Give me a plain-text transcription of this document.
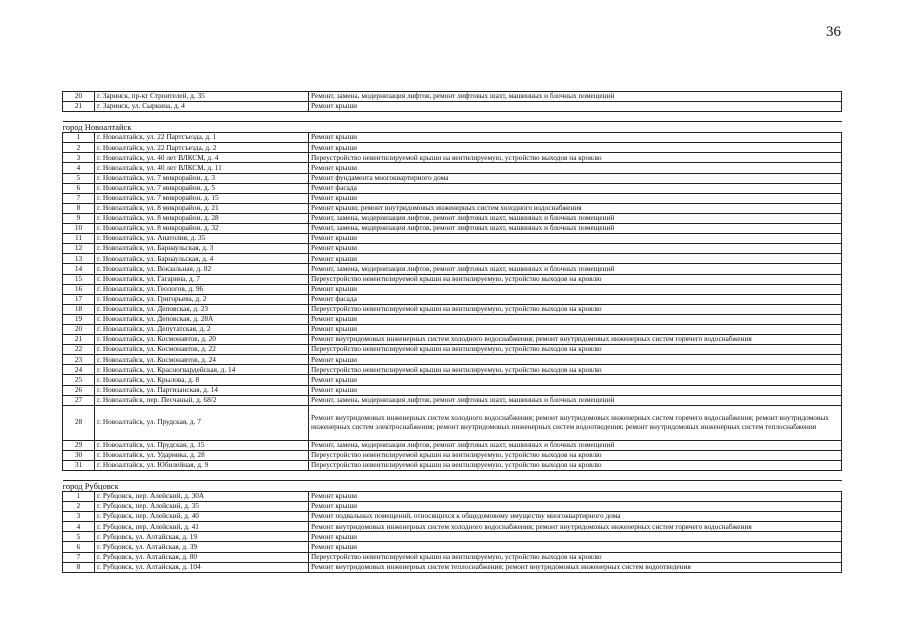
36
20	г. Заринск, пр-кт Строителей, д. 35	Ремонт, замена, модернизация лифтов, ремонт лифтовых шахт, машинных и блочных помещений
21	г. Заринск, ул. Сыркина, д. 4	Ремонт крыши

город Новоалтайск		
1	г. Новоалтайск, ул. 22 Партсъезда, д. 1	Ремонт крыши
2	г. Новоалтайск, ул. 22 Партсъезда, д. 2	Ремонт крыши
3	г. Новоалтайск, ул. 40 лет ВЛКСМ, д. 4	Переустройство невентилируемой крыши на вентилируемую, устройство выходов на кровлю
4	г. Новоалтайск, ул. 40 лет ВЛКСМ, д. 11	Ремонт крыши
5	г. Новоалтайск, ул. 7 микрорайон, д. 3	Ремонт фундамента многоквартирного дома
6	г. Новоалтайск, ул. 7 микрорайон, д. 5	Ремонт фасада
7	г. Новоалтайск, ул. 7 микрорайон, д. 15	Ремонт крыши
8	г. Новоалтайск, ул. 8 микрорайон, д. 21	Ремонт крыши; ремонт внутридомовых инженерных систем холодного водоснабжения
9	г. Новоалтайск, ул. 8 микрорайон, д. 28	Ремонт, замена, модернизация лифтов, ремонт лифтовых шахт, машинных и блочных помещений
10	г. Новоалтайск, ул. 8 микрорайон, д. 32	Ремонт, замена, модернизация лифтов, ремонт лифтовых шахт, машинных и блочных помещений
11	г. Новоалтайск, ул. Анатолия, д. 35	Ремонт крыши
12	г. Новоалтайск, ул. Барнаульская, д. 3	Ремонт крыши
13	г. Новоалтайск, ул. Барнаульская, д. 4	Ремонт крыши
14	г. Новоалтайск, ул. Вокзальная, д. 82	Ремонт, замена, модернизация лифтов, ремонт лифтовых шахт, машинных и блочных помещений
15	г. Новоалтайск, ул. Гагарина, д. 7	Переустройство невентилируемой крыши на вентилируемую, устройство выходов на кровлю
16	г. Новоалтайск, ул. Геологов, д. 96	Ремонт крыши
17	г. Новоалтайск, ул. Григорьева, д. 2	Ремонт фасада
18	г. Новоалтайск, ул. Деповская, д. 23	Переустройство невентилируемой крыши на вентилируемую, устройство выходов на кровлю
19	г. Новоалтайск, ул. Деповская, д. 28А	Ремонт крыши
20	г. Новоалтайск, ул. Депутатская, д. 2	Ремонт крыши
21	г. Новоалтайск, ул. Космонавтов, д. 20	Ремонт внутридомовых инженерных систем холодного водоснабжения; ремонт внутридомовых инженерных систем горячего водоснабжения
22	г. Новоалтайск, ул. Космонавтов, д. 22	Переустройство невентилируемой крыши на вентилируемую, устройство выходов на кровлю
23	г. Новоалтайск, ул. Космонавтов, д. 24	Ремонт крыши
24	г. Новоалтайск, ул. Красногвардейская, д. 14	Переустройство невентилируемой крыши на вентилируемую, устройство выходов на кровлю
25	г. Новоалтайск, ул. Крылова, д. 8	Ремонт крыши
26	г. Новоалтайск, ул. Партизанская, д. 14	Ремонт крыши
27	г. Новоалтайск, пер. Песчаный, д. 68/2	Ремонт, замена, модернизация лифтов, ремонт лифтовых шахт, машинных и блочных помещений
28	г. Новоалтайск, ул. Прудская, д. 7	Ремонт внутридомовых инженерных систем холодного водоснабжения; ремонт внутридомовых инженерных систем горячего водоснабжения; ремонт внутридомовых инженерных систем электроснабжения; ремонт внутридомовых инженерных систем водоотведения; ремонт внутридомовых инженерных систем теплоснабжения
29	г. Новоалтайск, ул. Прудская, д. 15	Ремонт, замена, модернизация лифтов, ремонт лифтовых шахт, машинных и блочных помещений
30	г. Новоалтайск, ул. Ударника, д. 28	Переустройство невентилируемой крыши на вентилируемую, устройство выходов на кровлю
31	г. Новоалтайск, ул. Юбилейная, д. 9	Переустройство невентилируемой крыши на вентилируемую, устройство выходов на кровлю

город Рубцовск		
1	г. Рубцовск, пер. Алейский, д. 30А	Ремонт крыши
2	г. Рубцовск, пер. Алейский, д. 35	Ремонт крыши
3	г. Рубцовск, пер. Алейский, д. 40	Ремонт подвальных помещений, относящихся к общедомовому имуществу многоквартирного дома
4	г. Рубцовск, пер. Алейский, д. 41	Ремонт внутридомовых инженерных систем холодного водоснабжения; ремонт внутридомовых инженерных систем горячего водоснабжения
5	г. Рубцовск, ул. Алтайская, д. 19	Ремонт крыши
6	г. Рубцовск, ул. Алтайская, д. 39	Ремонт крыши
7	г. Рубцовск, ул. Алтайская, д. 80	Переустройство невентилируемой крыши на вентилируемую, устройство выходов на кровлю
8	г. Рубцовск, ул. Алтайская, д. 104	Ремонт внутридомовых инженерных систем теплоснабжения; ремонт внутридомовых инженерных систем водоотведения
